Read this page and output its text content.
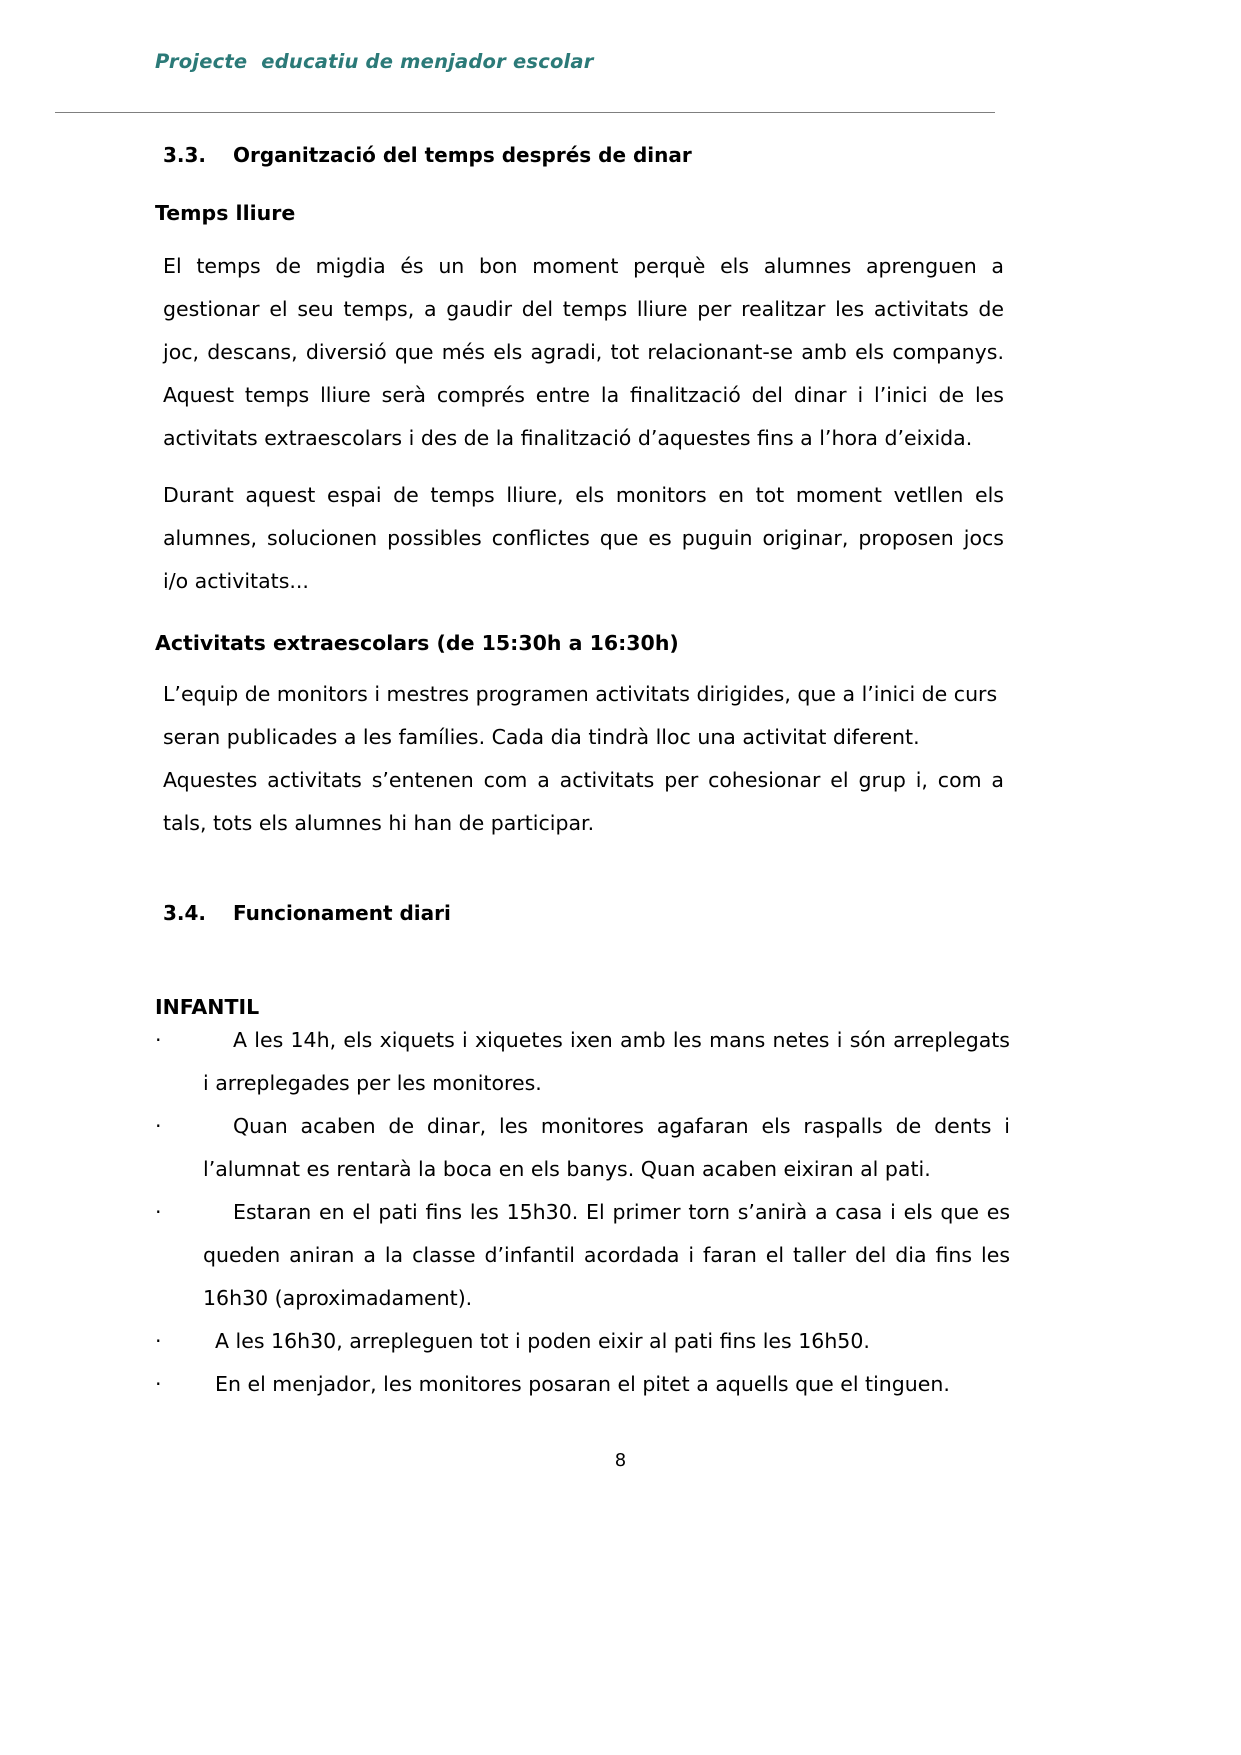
Projecte  educatiu de menjador escolar
3.3.	Organització del temps després de dinar
Temps lliure

El temps de migdia és un bon moment perquè els alumnes aprenguen a gestionar el seu temps, a gaudir del temps lliure per realitzar les activitats de joc, descans, diversió que més els agradi, tot relacionant-se amb els companys. Aquest temps lliure serà comprés entre la finalització del dinar i l’inici de les activitats extraescolars i des de la finalització d’aquestes fins a l’hora d’eixida.

Durant aquest espai de temps lliure, els monitors en tot moment vetllen els alumnes, solucionen possibles conflictes que es puguin originar, proposen jocs i/o activitats...

Activitats extraescolars (de 15:30h a 16:30h)

L’equip de monitors i mestres programen activitats dirigides, que a l’inici de curs seran publicades a les famílies. Cada dia tindrà lloc una activitat diferent.

Aquestes activitats s’entenen com a activitats per cohesionar el grup i, com a tals, tots els alumnes hi han de participar.

3.4.	Funcionament diari
INFANTIL
·	A les 14h, els xiquets i xiquetes ixen amb les mans netes i són arreplegats i arreplegades per les monitores.
·	Quan acaben de dinar, les monitores agafaran els raspalls de dents i l’alumnat es rentarà la boca en els banys. Quan acaben eixiran al pati.
·	Estaran en el pati fins les 15h30. El primer torn s’anirà a casa i els que es queden aniran a la classe d’infantil acordada i faran el taller del dia fins les 16h30 (aproximadament).
·	A les 16h30, arrepleguen tot i poden eixir al pati fins les 16h50.
·	En el menjador, les monitores posaran el pitet a aquells que el tinguen.
8
